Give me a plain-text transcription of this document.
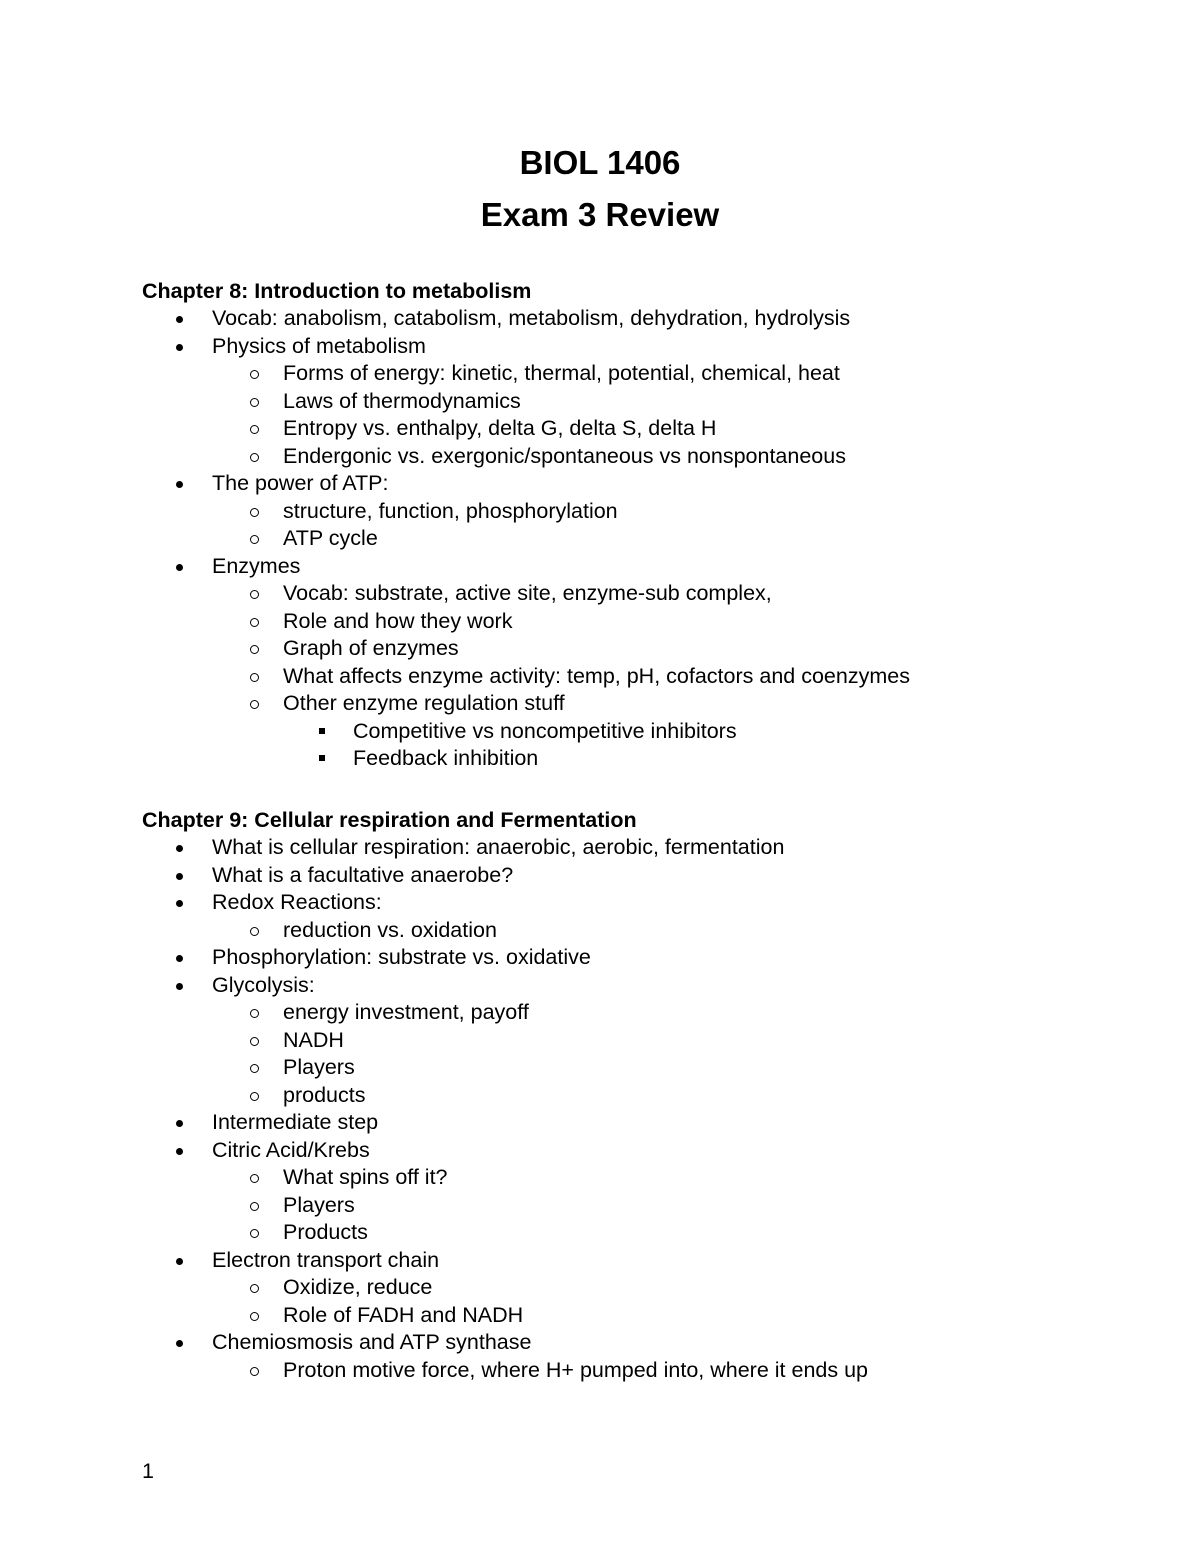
BIOL 1406
Exam 3 Review
Chapter 8: Introduction to metabolism
Vocab: anabolism, catabolism, metabolism, dehydration, hydrolysis
Physics of metabolism
Forms of energy: kinetic, thermal, potential, chemical, heat
Laws of thermodynamics
Entropy vs. enthalpy, delta G, delta S, delta H
Endergonic vs. exergonic/spontaneous vs nonspontaneous
The power of ATP:
structure, function, phosphorylation
ATP cycle
Enzymes
Vocab: substrate, active site, enzyme-sub complex,
Role and how they work
Graph of enzymes
What affects enzyme activity: temp, pH, cofactors and coenzymes
Other enzyme regulation stuff
Competitive vs noncompetitive inhibitors
Feedback inhibition
Chapter 9: Cellular respiration and Fermentation
What is cellular respiration: anaerobic, aerobic, fermentation
What is a facultative anaerobe?
Redox Reactions:
reduction vs. oxidation
Phosphorylation: substrate vs. oxidative
Glycolysis:
energy investment, payoff
NADH
Players
products
Intermediate step
Citric Acid/Krebs
What spins off it?
Players
Products
Electron transport chain
Oxidize, reduce
Role of FADH and NADH
Chemiosmosis and ATP synthase
Proton motive force, where H+ pumped into, where it ends up
1
